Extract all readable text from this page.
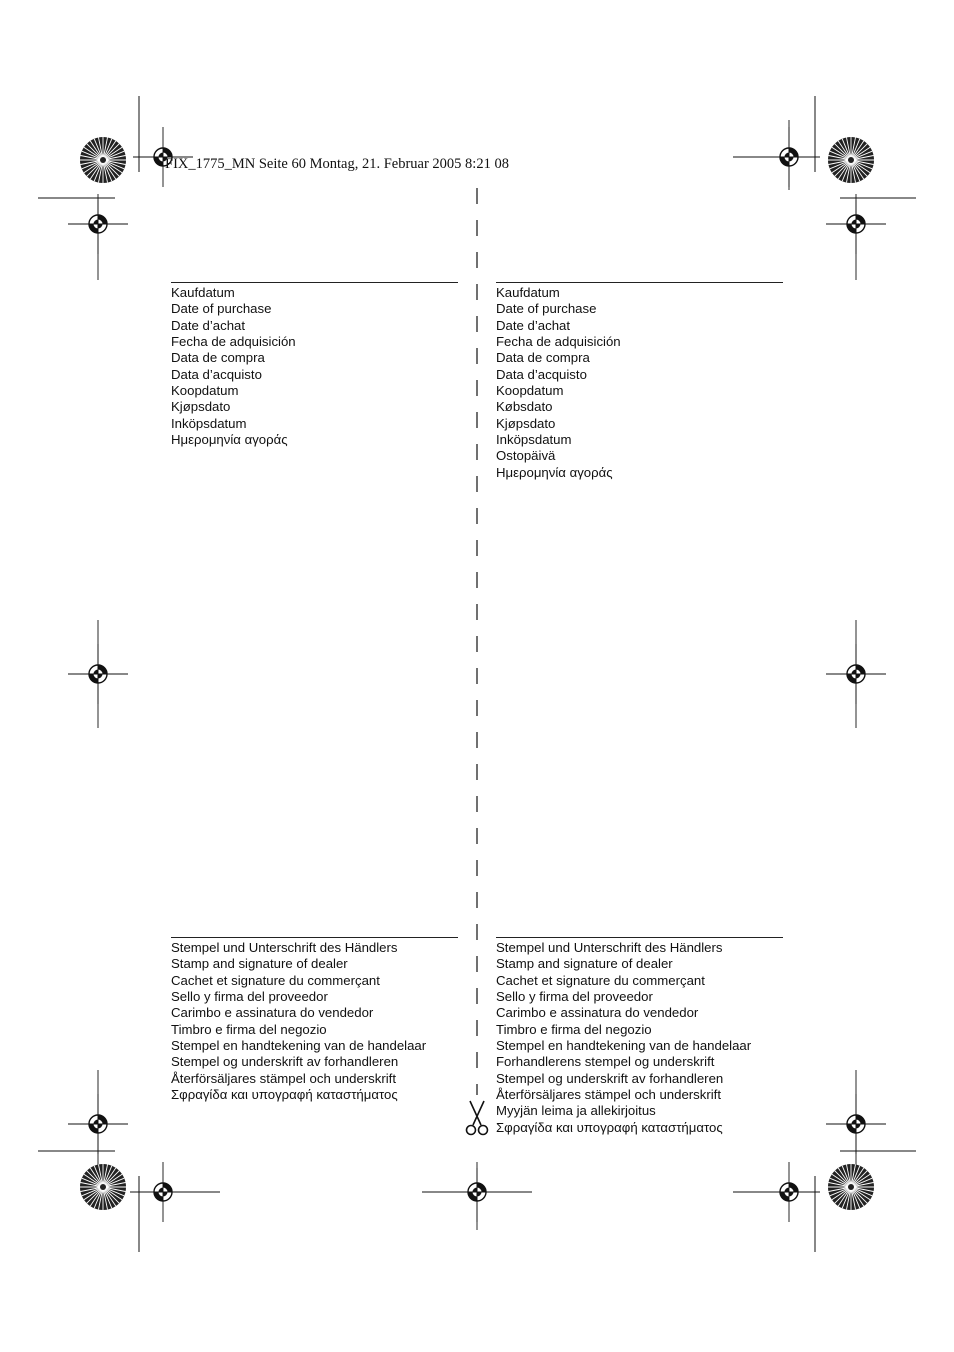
FIX_1775_MN Seite 60 Montag, 21. Februar 2005 8:21 08
Kaufdatum
Date of purchase
Date d’achat
Fecha de adquisición
Data de compra
Data d’acquisto
Koopdatum
Kjøpsdato
Inköpsdatum
Ημερομηνία αγοράς
Kaufdatum
Date of purchase
Date d’achat
Fecha de adquisición
Data de compra
Data d’acquisto
Koopdatum
Købsdato
Kjøpsdato
Inköpsdatum
Ostopäivä
Ημερομηνία αγοράς
Stempel und Unterschrift des Händlers
Stamp and signature of dealer
Cachet et signature du commerçant
Sello y firma del proveedor
Carimbo e assinatura do vendedor
Timbro e firma del negozio
Stempel en handtekening van de handelaar
Stempel og underskrift av forhandleren
Återförsäljares stämpel och underskrift
Σφραγίδα και υπογραφή καταστήματος
Stempel und Unterschrift des Händlers
Stamp and signature of dealer
Cachet et signature du commerçant
Sello y firma del proveedor
Carimbo e assinatura do vendedor
Timbro e firma del negozio
Stempel en handtekening van de handelaar
Forhandlerens stempel og underskrift
Stempel og underskrift av forhandleren
Återförsäljares stämpel och underskrift
Myyjän leima ja allekirjoitus
Σφραγίδα και υπογραφή καταστήματος
